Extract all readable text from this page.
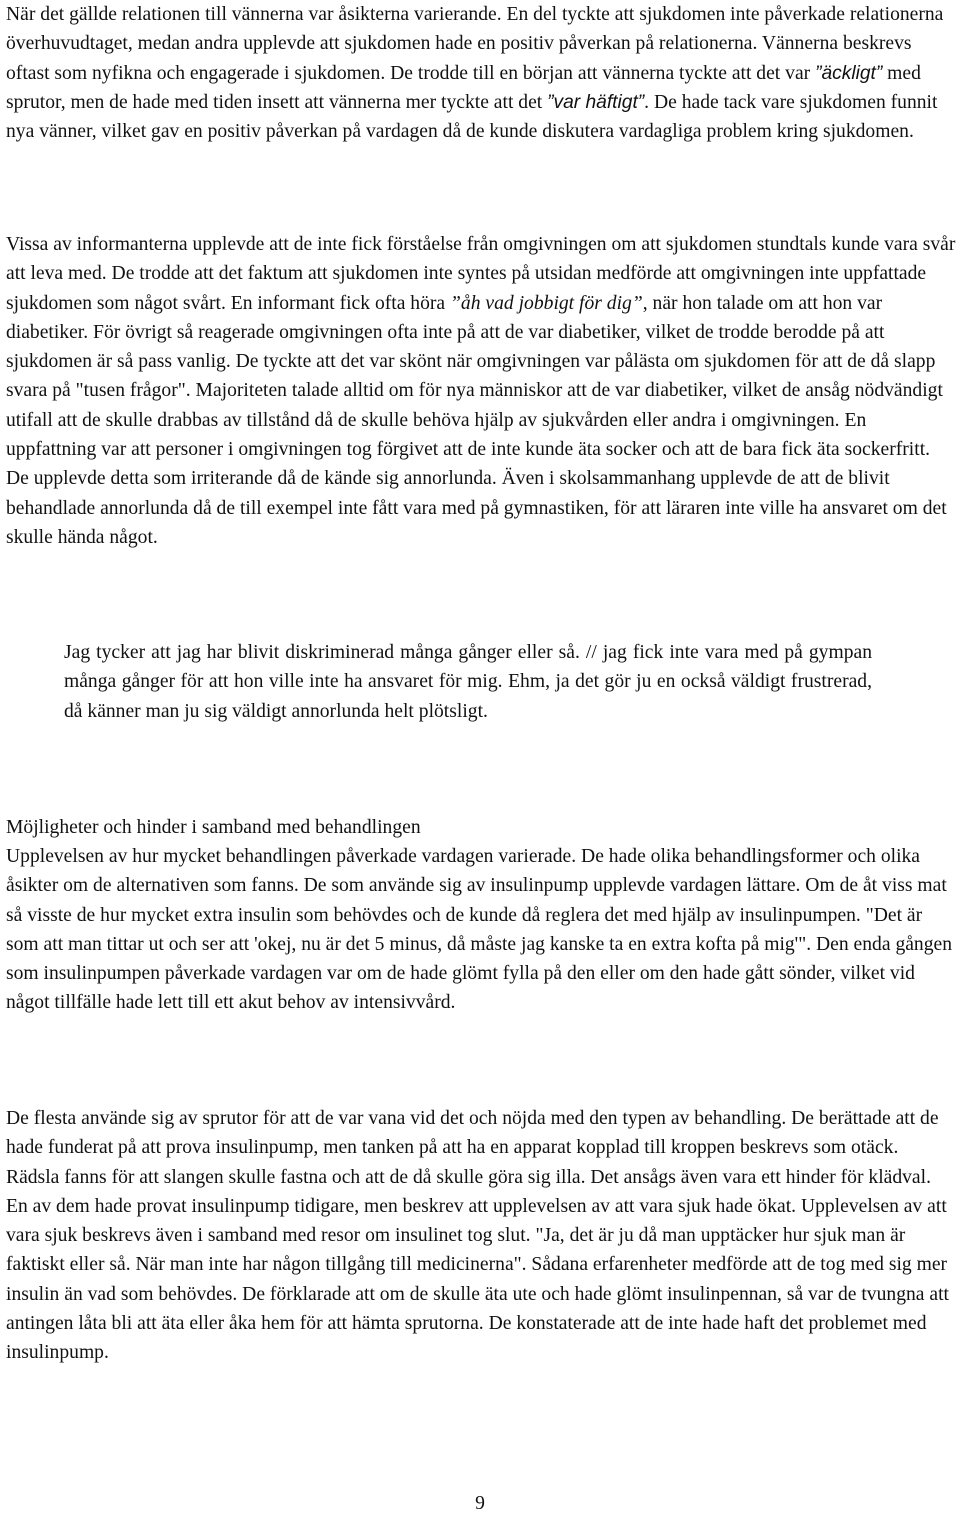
När det gällde relationen till vännerna var åsikterna varierande. En del tyckte att sjukdomen inte påverkade relationerna överhuvudtaget, medan andra upplevde att sjukdomen hade en positiv påverkan på relationerna. Vännerna beskrevs oftast som nyfikna och engagerade i sjukdomen. De trodde till en början att vännerna tyckte att det var ”äckligt” med sprutor, men de hade med tiden insett att vännerna mer tyckte att det ”var häftigt”. De hade tack vare sjukdomen funnit nya vänner, vilket gav en positiv påverkan på vardagen då de kunde diskutera vardagliga problem kring sjukdomen.

Vissa av informanterna upplevde att de inte fick förståelse från omgivningen om att sjukdomen stundtals kunde vara svår att leva med. De trodde att det faktum att sjukdomen inte syntes på utsidan medförde att omgivningen inte uppfattade sjukdomen som något svårt. En informant fick ofta höra ”åh vad jobbigt för dig”, när hon talade om att hon var diabetiker. För övrigt så reagerade omgivningen ofta inte på att de var diabetiker, vilket de trodde berodde på att sjukdomen är så pass vanlig. De tyckte att det var skönt när omgivningen var pålästa om sjukdomen för att de då slapp svara på "tusen frågor". Majoriteten talade alltid om för nya människor att de var diabetiker, vilket de ansåg nödvändigt utifall att de skulle drabbas av tillstånd då de skulle behöva hjälp av sjukvården eller andra i omgivningen. En uppfattning var att personer i omgivningen tog förgivet att de inte kunde äta socker och att de bara fick äta sockerfritt. De upplevde detta som irriterande då de kände sig annorlunda. Även i skolsammanhang upplevde de att de blivit behandlade annorlunda då de till exempel inte fått vara med på gymnastiken, för att läraren inte ville ha ansvaret om det skulle hända något.

Jag tycker att jag har blivit diskriminerad många gånger eller så. // jag fick inte vara med på gympan många gånger för att hon ville inte ha ansvaret för mig. Ehm, ja det gör ju en också väldigt frustrerad, då känner man ju sig väldigt annorlunda helt plötsligt.

Möjligheter och hinder i samband med behandlingen

Upplevelsen av hur mycket behandlingen påverkade vardagen varierade. De hade olika behandlingsformer och olika åsikter om de alternativen som fanns. De som använde sig av insulinpump upplevde vardagen lättare. Om de åt viss mat så visste de hur mycket extra insulin som behövdes och de kunde då reglera det med hjälp av insulinpumpen. "Det är som att man tittar ut och ser att 'okej, nu är det 5 minus, då måste jag kanske ta en extra kofta på mig'". Den enda gången som insulinpumpen påverkade vardagen var om de hade glömt fylla på den eller om den hade gått sönder, vilket vid något tillfälle hade lett till ett akut behov av intensivvård.

De flesta använde sig av sprutor för att de var vana vid det och nöjda med den typen av behandling. De berättade att de hade funderat på att prova insulinpump, men tanken på att ha en apparat kopplad till kroppen beskrevs som otäck. Rädsla fanns för att slangen skulle fastna och att de då skulle göra sig illa. Det ansågs även vara ett hinder för klädval. En av dem hade provat insulinpump tidigare, men beskrev att upplevelsen av att vara sjuk hade ökat. Upplevelsen av att vara sjuk beskrevs även i samband med resor om insulinet tog slut. "Ja, det är ju då man upptäcker hur sjuk man är faktiskt eller så. När man inte har någon tillgång till medicinerna". Sådana erfarenheter medförde att de tog med sig mer insulin än vad som behövdes. De förklarade att om de skulle äta ute och hade glömt insulinpennan, så var de tvungna att antingen låta bli att äta eller åka hem för att hämta sprutorna. De konstaterade att de inte hade haft det problemet med insulinpump.

9
